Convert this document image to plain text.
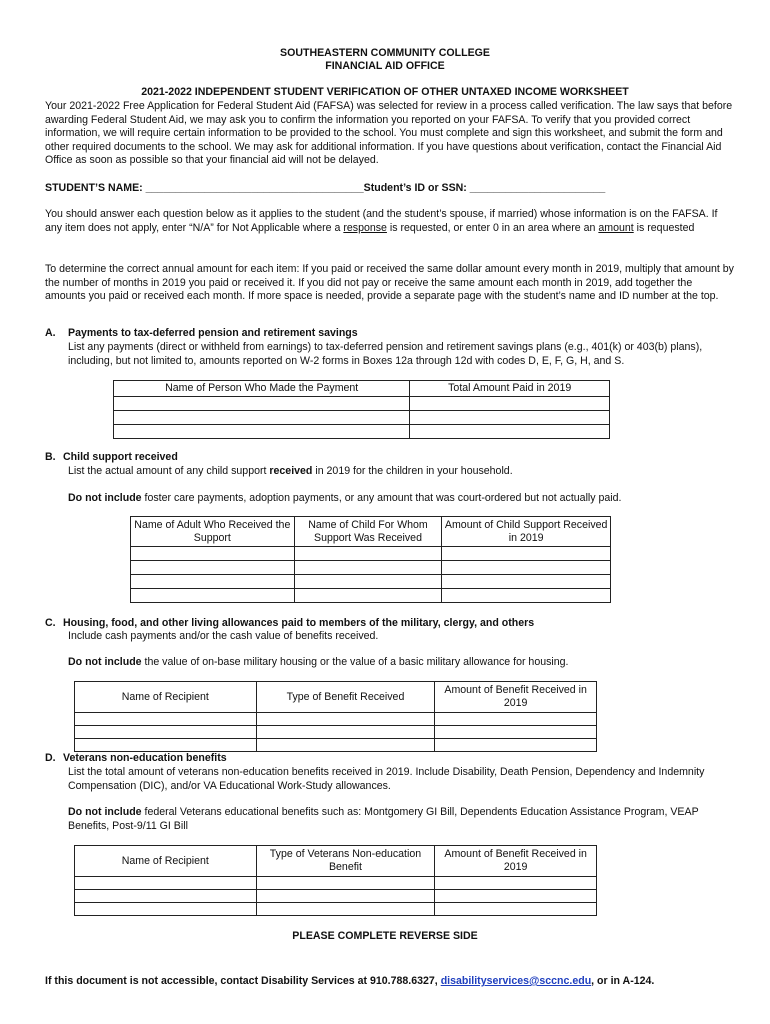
SOUTHEASTERN COMMUNITY COLLEGE
FINANCIAL AID OFFICE
2021-2022 INDEPENDENT STUDENT VERIFICATION OF OTHER UNTAXED INCOME WORKSHEET
Your 2021-2022 Free Application for Federal Student Aid (FAFSA) was selected for review in a process called verification. The law says that before awarding Federal Student Aid, we may ask you to confirm the information you reported on your FAFSA. To verify that you provided correct information, we will require certain information to be provided to the school. You must complete and sign this worksheet, and submit the form and other required documents to the school. We may ask for additional information. If you have questions about verification, contact the Financial Aid Office as soon as possible so that your financial aid will not be delayed.
STUDENT’S NAME: _____________________________________Student’s ID or SSN: _______________________
You should answer each question below as it applies to the student (and the student’s spouse, if married) whose information is on the FAFSA. If any item does not apply, enter “N/A” for Not Applicable where a response is requested, or enter 0 in an area where an amount is requested
To determine the correct annual amount for each item: If you paid or received the same dollar amount every month in 2019, multiply that amount by the number of months in 2019 you paid or received it. If you did not pay or receive the same amount each month in 2019, add together the amounts you paid or received each month. If more space is needed, provide a separate page with the student’s name and ID number at the top.
A. Payments to tax-deferred pension and retirement savings
List any payments (direct or withheld from earnings) to tax-deferred pension and retirement savings plans (e.g., 401(k) or 403(b) plans), including, but not limited to, amounts reported on W-2 forms in Boxes 12a through 12d with codes D, E, F, G, H, and S.
Name of Person Who Made the Payment	Total Amount Paid in 2019

B. Child support received
List the actual amount of any child support received in 2019 for the children in your household.
Do not include foster care payments, adoption payments, or any amount that was court-ordered but not actually paid.
Name of Adult Who Received the Support	Name of Child For Whom Support Was Received	Amount of Child Support Received in 2019

C. Housing, food, and other living allowances paid to members of the military, clergy, and others
Include cash payments and/or the cash value of benefits received.
Do not include the value of on-base military housing or the value of a basic military allowance for housing.
Name of Recipient	Type of Benefit Received	Amount of Benefit Received in 2019

D. Veterans non-education benefits
List the total amount of veterans non-education benefits received in 2019. Include Disability, Death Pension, Dependency and Indemnity Compensation (DIC), and/or VA Educational Work-Study allowances.
Do not include federal Veterans educational benefits such as: Montgomery GI Bill, Dependents Education Assistance Program, VEAP Benefits, Post-9/11 GI Bill
Name of Recipient	Type of Veterans Non-education Benefit	Amount of Benefit Received in 2019

PLEASE COMPLETE REVERSE SIDE
If this document is not accessible, contact Disability Services at 910.788.6327, disabilityservices@sccnc.edu, or in A-124.
